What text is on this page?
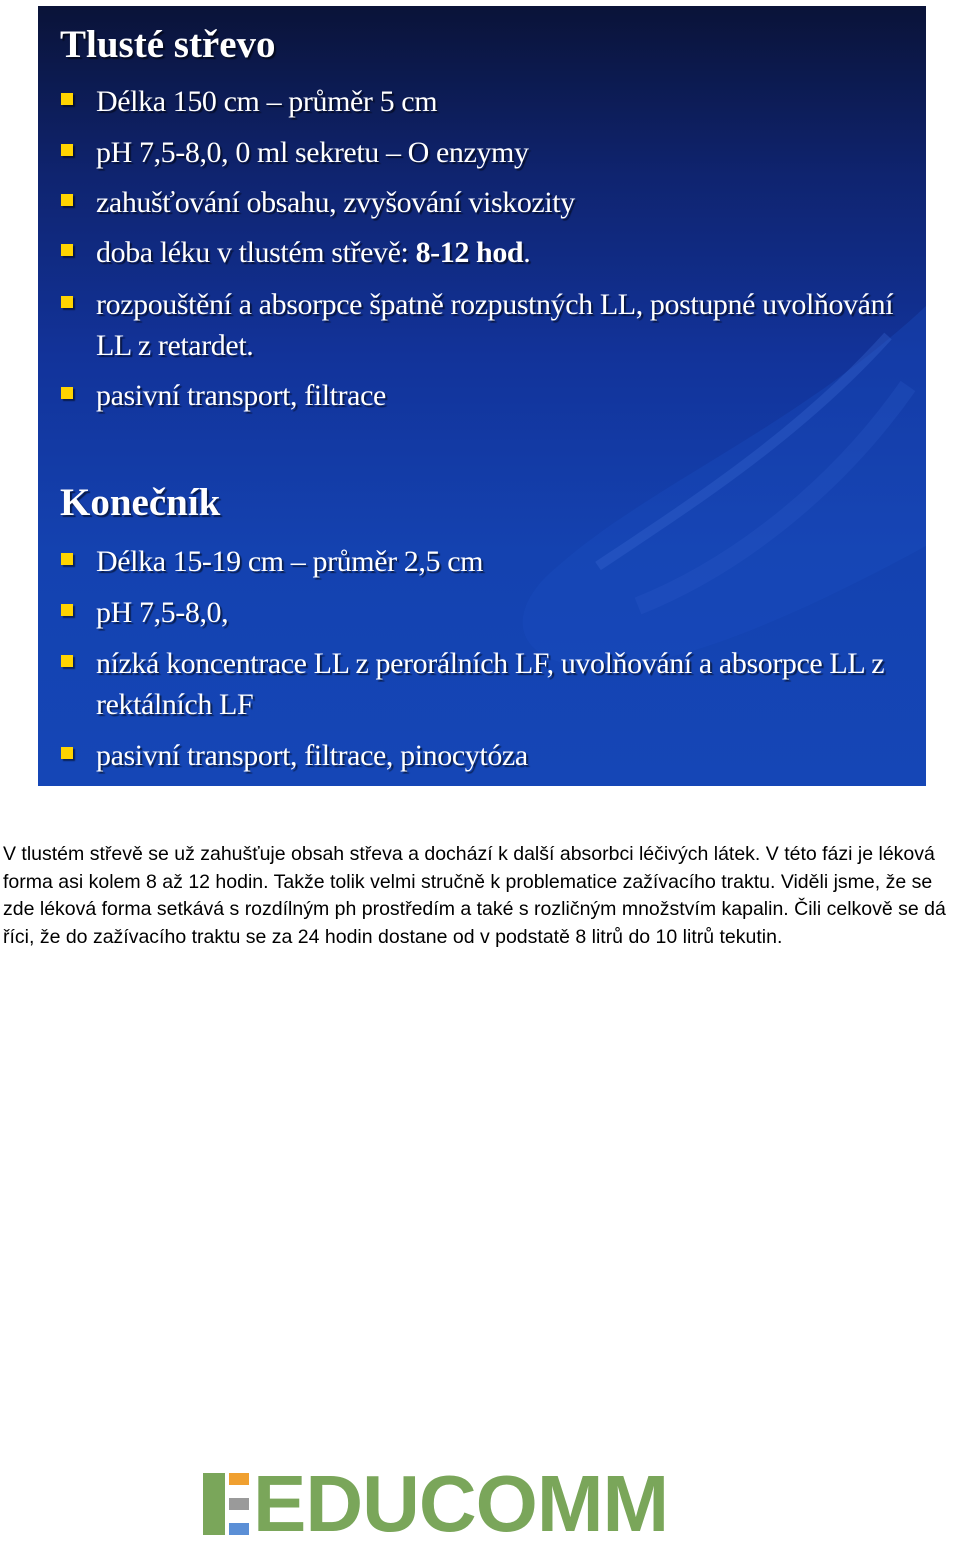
Tlusté střevo
Délka 150 cm – průměr 5 cm
pH 7,5-8,0, 0 ml sekretu – O enzymy
zahušťování obsahu, zvyšování viskozity
doba léku v tlustém střevě: 8-12 hod.
rozpouštění a absorpce špatně rozpustných LL, postupné uvolňování LL z retardet.
pasivní transport, filtrace
Konečník
Délka 15-19 cm – průměr 2,5 cm
pH 7,5-8,0,
nízká koncentrace LL z perorálních LF, uvolňování a absorpce LL z rektálních LF
pasivní transport, filtrace, pinocytóza

V tlustém střevě se už zahušťuje obsah střeva a dochází k další absorbci léčivých látek. V této fázi je léková forma asi kolem 8 až 12 hodin. Takže tolik velmi stručně k problematice zažívacího traktu. Viděli jsme, že se zde léková forma setkává s rozdílným ph prostředím a také s rozličným množstvím kapalin. Čili celkově se dá říci, že do zažívacího traktu se za 24 hodin dostane od v podstatě 8 litrů do 10 litrů tekutin.

EDUCOMM
